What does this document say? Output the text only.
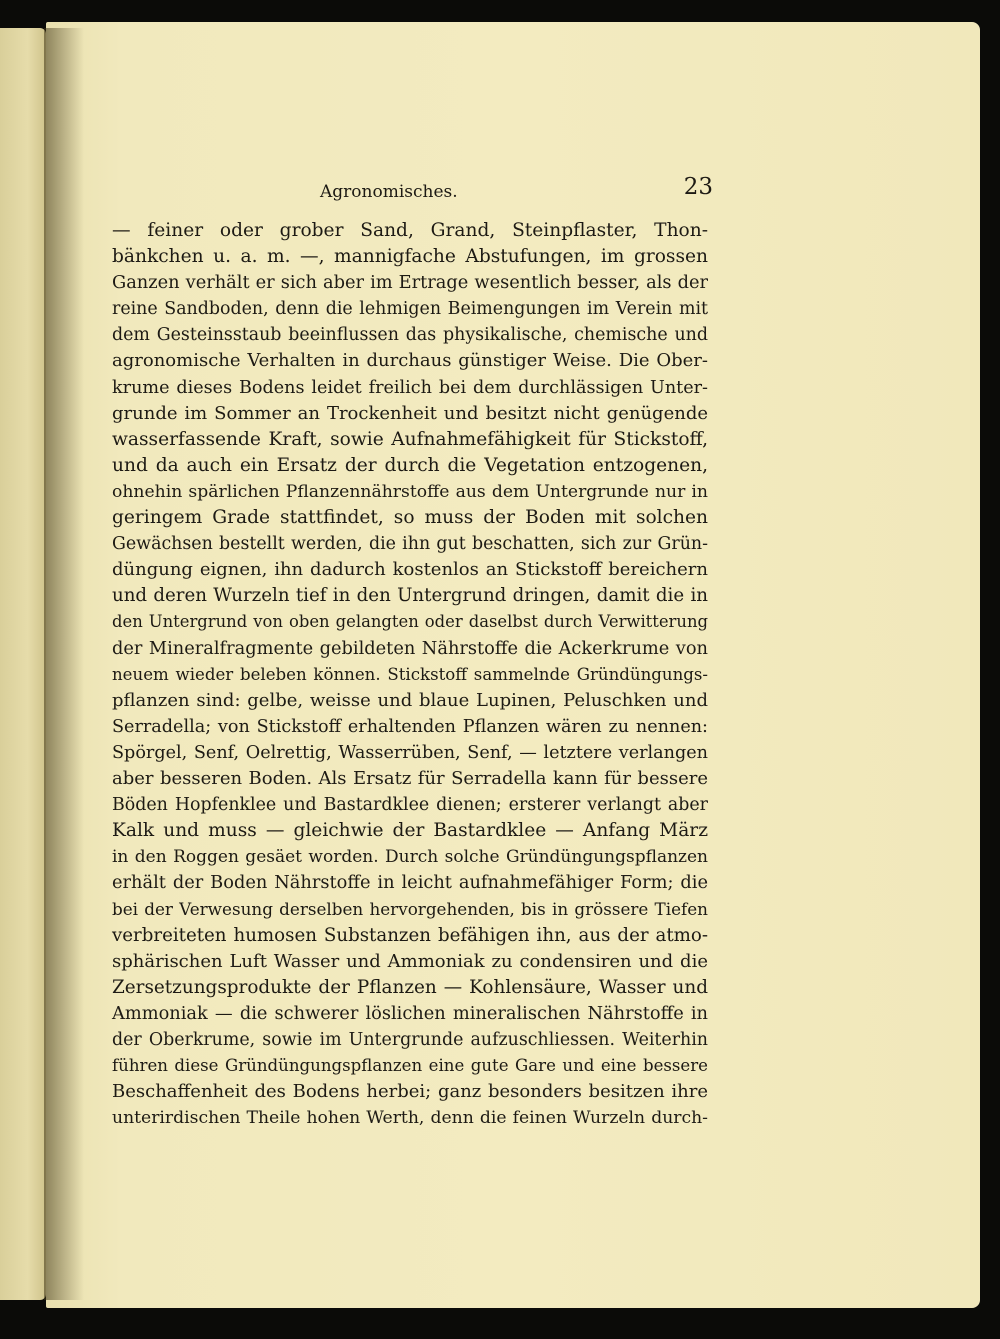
Agronomisches.	23
— feiner oder grober Sand, Grand, Steinpflaster, Thon-
bänkchen u. a. m. —, mannigfache Abstufungen, im grossen
Ganzen verhält er sich aber im Ertrage wesentlich besser, als der
reine Sandboden, denn die lehmigen Beimengungen im Verein mit
dem Gesteinsstaub beeinflussen das physikalische, chemische und
agronomische Verhalten in durchaus günstiger Weise. Die Ober-
krume dieses Bodens leidet freilich bei dem durchlässigen Unter-
grunde im Sommer an Trockenheit und besitzt nicht genügende
wasserfassende Kraft, sowie Aufnahmefähigkeit für Stickstoff,
und da auch ein Ersatz der durch die Vegetation entzogenen,
ohnehin spärlichen Pflanzennährstoffe aus dem Untergrunde nur in
geringem Grade stattfindet, so muss der Boden mit solchen
Gewächsen bestellt werden, die ihn gut beschatten, sich zur Grün-
düngung eignen, ihn dadurch kostenlos an Stickstoff bereichern
und deren Wurzeln tief in den Untergrund dringen, damit die in
den Untergrund von oben gelangten oder daselbst durch Verwitterung
der Mineralfragmente gebildeten Nährstoffe die Ackerkrume von
neuem wieder beleben können. Stickstoff sammelnde Gründüngungs-
pflanzen sind: gelbe, weisse und blaue Lupinen, Peluschken und
Serradella; von Stickstoff erhaltenden Pflanzen wären zu nennen:
Spörgel, Senf, Oelrettig, Wasserrüben, Senf, — letztere verlangen
aber besseren Boden. Als Ersatz für Serradella kann für bessere
Böden Hopfenklee und Bastardklee dienen; ersterer verlangt aber
Kalk und muss — gleichwie der Bastardklee — Anfang März
in den Roggen gesäet worden. Durch solche Gründüngungspflanzen
erhält der Boden Nährstoffe in leicht aufnahmefähiger Form; die
bei der Verwesung derselben hervorgehenden, bis in grössere Tiefen
verbreiteten humosen Substanzen befähigen ihn, aus der atmo-
sphärischen Luft Wasser und Ammoniak zu condensiren und die
Zersetzungsprodukte der Pflanzen — Kohlensäure, Wasser und
Ammoniak — die schwerer löslichen mineralischen Nährstoffe in
der Oberkrume, sowie im Untergrunde aufzuschliessen. Weiterhin
führen diese Gründüngungspflanzen eine gute Gare und eine bessere
Beschaffenheit des Bodens herbei; ganz besonders besitzen ihre
unterirdischen Theile hohen Werth, denn die feinen Wurzeln durch-
